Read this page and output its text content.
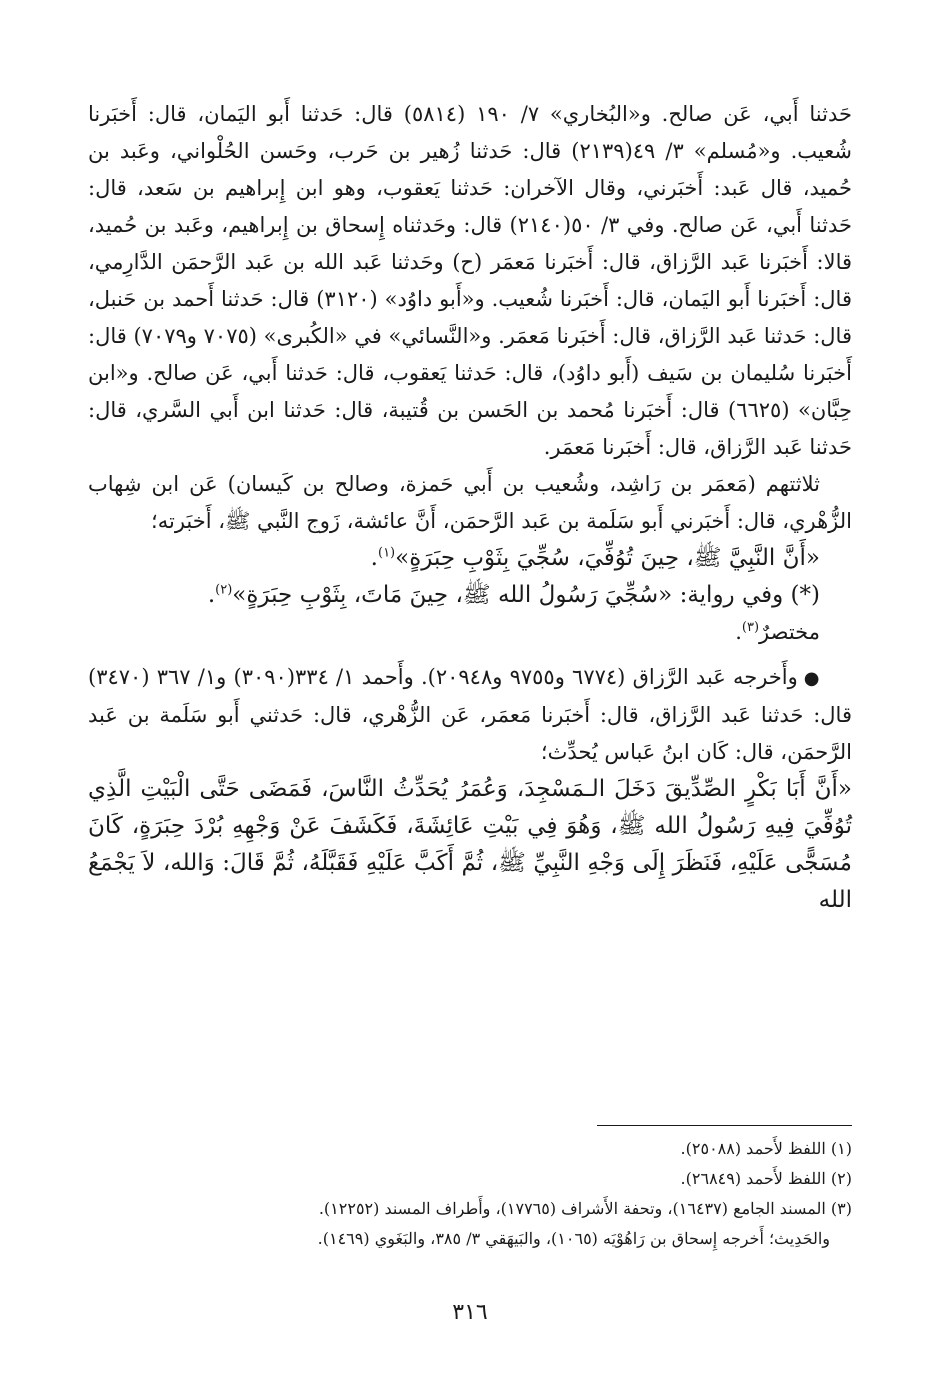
حَدثنا أَبي، عَن صالح. و«البُخاري» ٧/ ١٩٠ (٥٨١٤) قال: حَدثنا أَبو اليَمان، قال: أَخبَرنا شُعيب. و«مُسلم» ٣/ ٤٩(٢١٣٩) قال: حَدثنا زُهير بن حَرب، وحَسن الحُلْواني، وعَبد بن حُميد، قال عَبد: أَخبَرني، وقال الآخران: حَدثنا يَعقوب، وهو ابن إِبراهيم بن سَعد، قال: حَدثنا أَبي، عَن صالح. وفي ٣/ ٥٠(٢١٤٠) قال: وحَدثناه إِسحاق بن إِبراهيم، وعَبد بن حُميد، قالا: أَخبَرنا عَبد الرَّزاق، قال: أَخبَرنا مَعمَر (ح) وحَدثنا عَبد الله بن عَبد الرَّحمَن الدَّارِمي، قال: أَخبَرنا أَبو اليَمان، قال: أَخبَرنا شُعيب. و«أَبو داوُد» (٣١٢٠) قال: حَدثنا أَحمد بن حَنبل، قال: حَدثنا عَبد الرَّزاق، قال: أَخبَرنا مَعمَر. و«النَّسائي» في «الكُبرى» (٧٠٧٥ و٧٠٧٩) قال: أَخبَرنا سُليمان بن سَيف (أَبو داوُد)، قال: حَدثنا يَعقوب، قال: حَدثنا أَبي، عَن صالح. و«ابن حِبَّان» (٦٦٢٥) قال: أَخبَرنا مُحمد بن الحَسن بن قُتيبة، قال: حَدثنا ابن أَبي السَّري، قال: حَدثنا عَبد الرَّزاق، قال: أَخبَرنا مَعمَر.

ثلاثتهم (مَعمَر بن رَاشِد، وشُعيب بن أَبي حَمزة، وصالح بن كَيسان) عَن ابن شِهاب الزُّهْري، قال: أَخبَرني أَبو سَلَمة بن عَبد الرَّحمَن، أَنَّ عائشة، زَوج النَّبي ﷺ، أَخبَرته؛

«أَنَّ النَّبِيَّ ﷺ، حِينَ تُوُفِّيَ، سُجِّيَ بِثَوْبِ حِبَرَةٍ»$^{(١)}$.

(*) وفي رواية: «سُجِّيَ رَسُولُ الله ﷺ، حِينَ مَاتَ، بِثَوْبِ حِبَرَةٍ»$^{(٢)}$.

مختصرٌ$^{(٣)}$.

●وأَخرجه عَبد الرَّزاق (٦٧٧٤ و٩٧٥٥ و٢٠٩٤٨). وأَحمد ١/ ٣٣٤(٣٠٩٠) و١/ ٣٦٧ (٣٤٧٠) قال: حَدثنا عَبد الرَّزاق، قال: أَخبَرنا مَعمَر، عَن الزُّهْري، قال: حَدثني أَبو سَلَمة بن عَبد الرَّحمَن، قال: كَان ابنُ عَباس يُحدِّث؛

«أَنَّ أَبَا بَكْرٍ الصِّدِّيقَ دَخَلَ الـمَسْجِدَ، وَعُمَرُ يُحَدِّثُ النَّاسَ، فَمَضَى حَتَّى الْبَيْتِ الَّذِي تُوُفِّيَ فِيهِ رَسُولُ الله ﷺ، وَهُوَ فِي بَيْتِ عَائِشَةَ، فَكَشَفَ عَنْ وَجْهِهِ بُرْدَ حِبَرَةٍ، كَانَ مُسَجًّى عَلَيْهِ، فَنَظَرَ إِلَى وَجْهِ النَّبِيِّ ﷺ، ثُمَّ أَكَبَّ عَلَيْهِ فَقَبَّلَهُ، ثُمَّ قَالَ: وَالله، لاَ يَجْمَعُ الله

(١) اللفظ لأَحمد (٢٥٠٨٨).

(٢) اللفظ لأَحمد (٢٦٨٤٩).

(٣) المسند الجامع (١٦٤٣٧)، وتحفة الأَشراف (١٧٧٦٥)، وأَطراف المسند (١٢٢٥٢).

والحَدِيث؛ أَخرجه إِسحاق بن رَاهُوْيَه (١٠٦٥)، والبَيهَقي ٣/ ٣٨٥، والبَغَوي (١٤٦٩).

٣١٦
